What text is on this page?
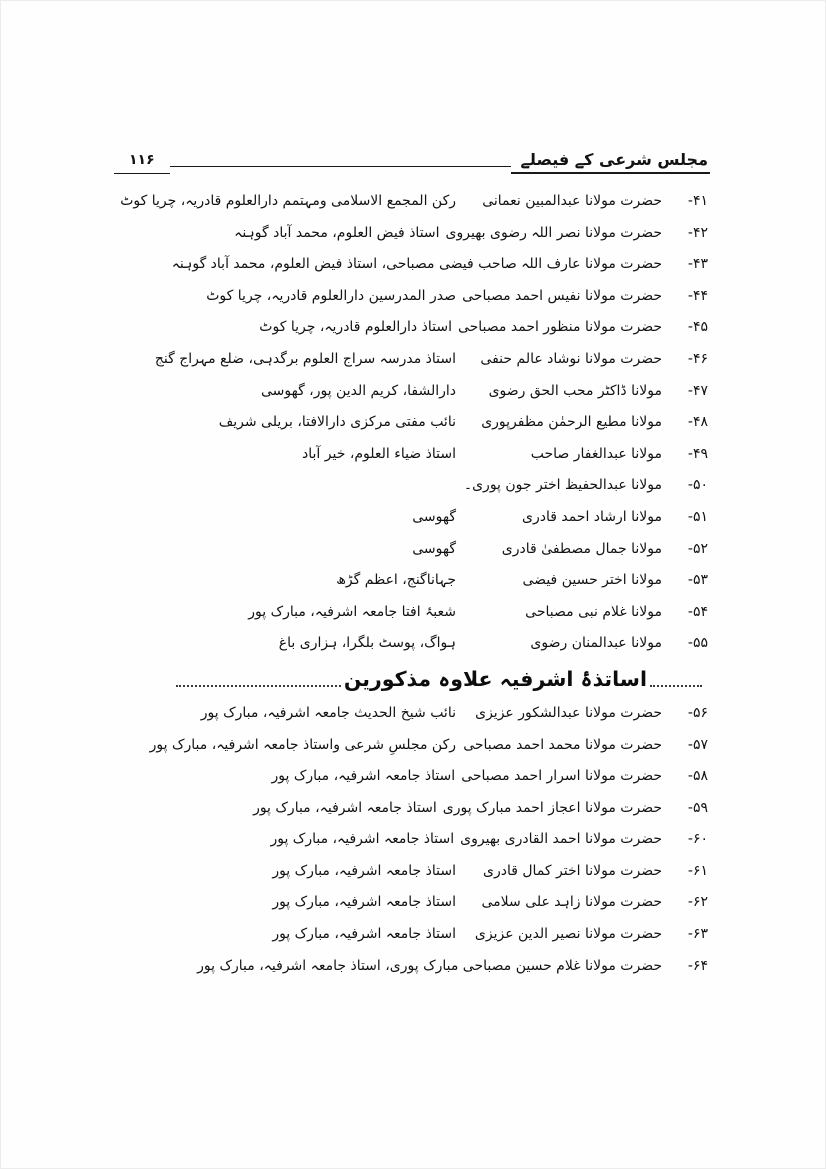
مجلس شرعی کے فیصلے
۱۱۶
۴۱-
حضرت مولانا عبدالمبین نعمانی
رکن المجمع الاسلامی ومہتمم دارالعلوم قادریہ، چریا کوٹ
۴۲-
حضرت مولانا نصر اللہ رضوی بھیروی
استاذ فیض العلوم، محمد آباد گوہنہ
۴۳-
حضرت مولانا عارف اللہ صاحب فیضی مصباحی، استاذ فیض العلوم، محمد آباد گوہنہ
۴۴-
حضرت مولانا نفیس احمد مصباحی
صدر المدرسین دارالعلوم قادریہ، چریا کوٹ
۴۵-
حضرت مولانا منظور احمد مصباحی
استاذ دارالعلوم قادریہ، چریا کوٹ
۴۶-
حضرت مولانا نوشاد عالم حنفی
استاذ مدرسہ سراج العلوم برگدہی، ضلع مہراج گنج
۴۷-
مولانا ڈاکٹر محب الحق رضوی
دارالشفا، کریم الدین پور، گھوسی
۴۸-
مولانا مطیع الرحمٰن مظفرپوری
نائب مفتی مرکزی دارالافتا، بریلی شریف
۴۹-
مولانا عبدالغفار صاحب
استاذ ضیاء العلوم، خیر آباد
۵۰-
مولانا عبدالحفیظ اختر جون پوری۔
۵۱-
مولانا ارشاد احمد قادری
گھوسی
۵۲-
مولانا جمال مصطفیٰ قادری
گھوسی
۵۳-
مولانا اختر حسین فیضی
جہاناگنج، اعظم گڑھ
۵۴-
مولانا غلام نبی مصباحی
شعبۂ افتا جامعہ اشرفیہ، مبارک پور
۵۵-
مولانا عبدالمنان رضوی
ہواگ، پوسٹ بلگرا، ہزاری باغ
اساتذۂ اشرفیہ علاوہ مذکورین
۵۶-
حضرت مولانا عبدالشکور عزیزی
نائب شیخ الحدیث جامعہ اشرفیہ، مبارک پور
۵۷-
حضرت مولانا محمد احمد مصباحی
رکن مجلسِ شرعی واستاذ جامعہ اشرفیہ، مبارک پور
۵۸-
حضرت مولانا اسرار احمد مصباحی
استاذ جامعہ اشرفیہ، مبارک پور
۵۹-
حضرت مولانا اعجاز احمد مبارک پوری
استاذ جامعہ اشرفیہ، مبارک پور
۶۰-
حضرت مولانا احمد القادری بھیروی
استاذ جامعہ اشرفیہ، مبارک پور
۶۱-
حضرت مولانا اختر کمال قادری
استاذ جامعہ اشرفیہ، مبارک پور
۶۲-
حضرت مولانا زاہد علی سلامی
استاذ جامعہ اشرفیہ، مبارک پور
۶۳-
حضرت مولانا نصیر الدین عزیزی
استاذ جامعہ اشرفیہ، مبارک پور
۶۴-
حضرت مولانا غلام حسین مصباحی مبارک پوری، استاذ جامعہ اشرفیہ، مبارک پور
